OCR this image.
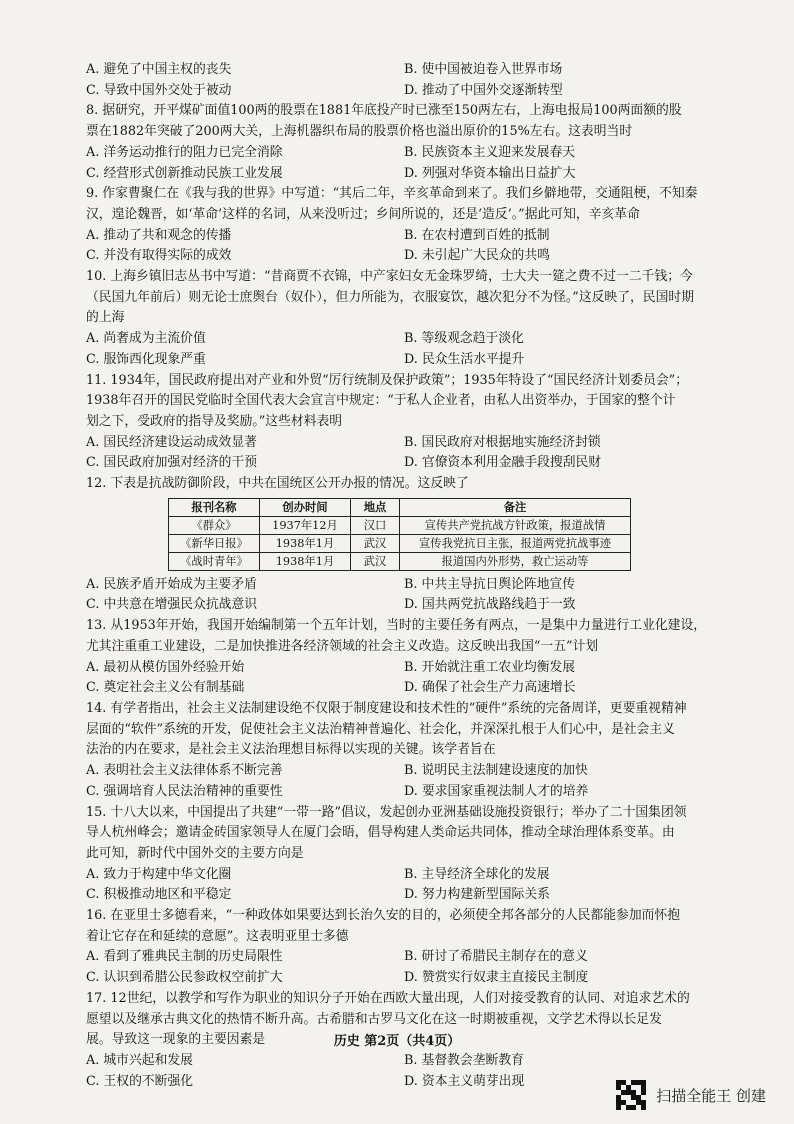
A. 避免了中国主权的丧失	B. 使中国被迫卷入世界市场
C. 导致中国外交处于被动	D. 推动了中国外交逐渐转型
8. 据研究，开平煤矿面值100两的股票在1881年底投产时已涨至150两左右，上海电报局100两面额的股
票在1882年突破了200两大关，上海机器织布局的股票价格也溢出原价的15%左右。这表明当时
A. 洋务运动推行的阻力已完全消除	B. 民族资本主义迎来发展春天
C. 经营形式创新推动民族工业发展	D. 列强对华资本输出日益扩大
9. 作家曹聚仁在《我与我的世界》中写道：“其后二年，辛亥革命到来了。我们乡僻地带，交通阻梗，不知秦
汉，遑论魏晋，如‘革命’这样的名词，从来没听过；乡间所说的，还是‘造反’。”据此可知，辛亥革命
A. 推动了共和观念的传播	B. 在农村遭到百姓的抵制
C. 并没有取得实际的成效	D. 未引起广大民众的共鸣
10. 上海乡镇旧志丛书中写道：“昔商贾不衣锦，中产家妇女无金珠罗绮，士大夫一筵之费不过一二千钱；今
（民国九年前后）则无论士庶舆台（奴仆），但力所能为，衣服宴饮，越次犯分不为怪。”这反映了，民国时期
的上海
A. 尚奢成为主流价值	B. 等级观念趋于淡化
C. 服饰西化现象严重	D. 民众生活水平提升
11. 1934年，国民政府提出对产业和外贸“厉行统制及保护政策”；1935年特设了“国民经济计划委员会”；
1938年召开的国民党临时全国代表大会宣言中规定：“于私人企业者，由私人出资举办，于国家的整个计
划之下，受政府的指导及奖励。”这些材料表明
A. 国民经济建设运动成效显著	B. 国民政府对根据地实施经济封锁
C. 国民政府加强对经济的干预	D. 官僚资本利用金融手段搜刮民财
12. 下表是抗战防御阶段，中共在国统区公开办报的情况。这反映了
报刊名称	创办时间	地点	备注
《群众》	1937年12月	汉口	宣传共产党抗战方针政策，报道战情
《新华日报》	1938年1月	武汉	宣传我党抗日主张，报道两党抗战事迹
《战时青年》	1938年1月	武汉	报道国内外形势，救亡运动等
A. 民族矛盾开始成为主要矛盾	B. 中共主导抗日舆论阵地宣传
C. 中共意在增强民众抗战意识	D. 国共两党抗战路线趋于一致
13. 从1953年开始，我国开始编制第一个五年计划，当时的主要任务有两点，一是集中力量进行工业化建设，
尤其注重重工业建设，二是加快推进各经济领域的社会主义改造。这反映出我国“一五”计划
A. 最初从模仿国外经验开始	B. 开始就注重工农业均衡发展
C. 奠定社会主义公有制基础	D. 确保了社会生产力高速增长
14. 有学者指出，社会主义法制建设绝不仅限于制度建设和技术性的“硬件”系统的完备周详，更要重视精神
层面的“软件”系统的开发，促使社会主义法治精神普遍化、社会化，并深深扎根于人们心中，是社会主义
法治的内在要求，是社会主义法治理想目标得以实现的关键。该学者旨在
A. 表明社会主义法律体系不断完善	B. 说明民主法制建设速度的加快
C. 强调培育人民法治精神的重要性	D. 要求国家重视法制人才的培养
15. 十八大以来，中国提出了共建“一带一路”倡议，发起创办亚洲基础设施投资银行；举办了二十国集团领
导人杭州峰会；邀请金砖国家领导人在厦门会晤，倡导构建人类命运共同体，推动全球治理体系变革。由
此可知，新时代中国外交的主要方向是
A. 致力于构建中华文化圈	B. 主导经济全球化的发展
C. 积极推动地区和平稳定	D. 努力构建新型国际关系
16. 在亚里士多德看来，“一种政体如果要达到长治久安的目的，必须使全邦各部分的人民都能参加而怀抱
着让它存在和延续的意愿”。这表明亚里士多德
A. 看到了雅典民主制的历史局限性	B. 研讨了希腊民主制存在的意义
C. 认识到希腊公民参政权空前扩大	D. 赞赏实行奴隶主直接民主制度
17. 12世纪，以教学和写作为职业的知识分子开始在西欧大量出现，人们对接受教育的认同、对追求艺术的
愿望以及继承古典文化的热情不断升高。古希腊和古罗马文化在这一时期被重视，文学艺术得以长足发
展。导致这一现象的主要因素是
A. 城市兴起和发展	B. 基督教会垄断教育
C. 王权的不断强化	D. 资本主义萌芽出现
历史 第2页（共4页）
扫描全能王 创建
